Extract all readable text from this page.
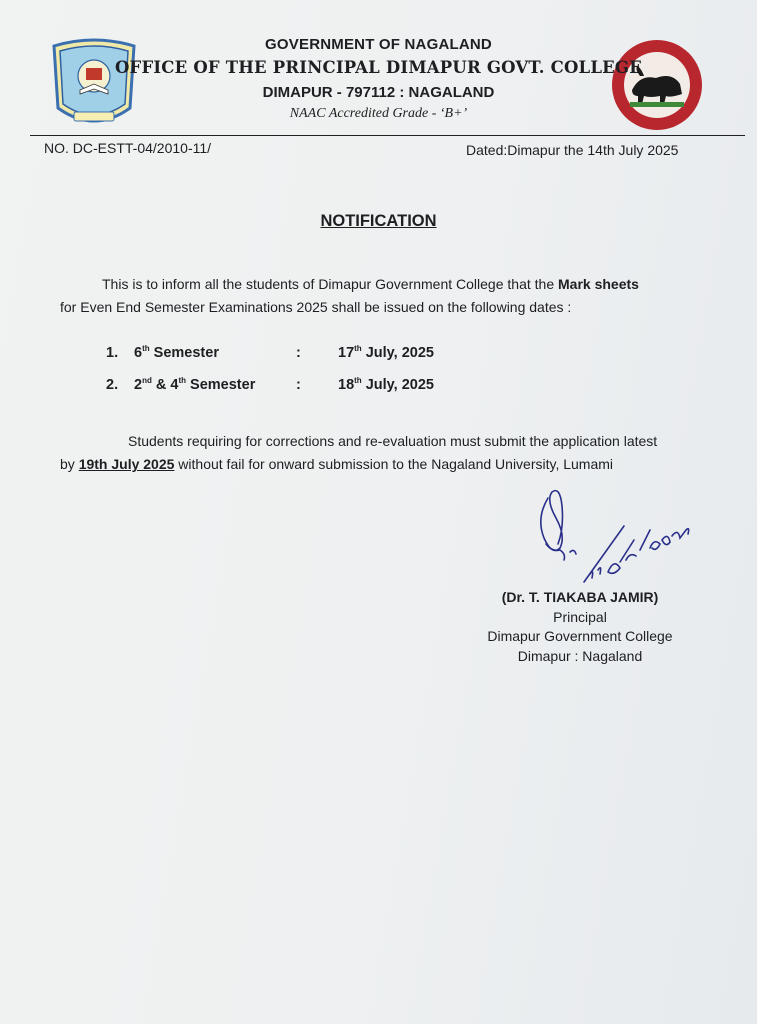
GOVERNMENT OF NAGALAND
OFFICE OF THE PRINCIPAL DIMAPUR GOVT. COLLEGE
DIMAPUR - 797112 : NAGALAND
NAAC Accredited Grade - ‘B+’
NO. DC-ESTT-04/2010-11/	Dated:Dimapur the 14th July 2025
NOTIFICATION
This is to inform all the students of Dimapur Government College that the Mark sheets
for Even End Semester Examinations 2025 shall be issued on the following dates :
1. 6th Semester	:	17th July, 2025
2. 2nd & 4th Semester	:	18th July, 2025
Students requiring for corrections and re-evaluation must submit the application latest
by 19th July 2025 without fail for onward submission to the Nagaland University, Lumami
(Dr. T. TIAKABA JAMIR)
Principal
Dimapur Government College
Dimapur : Nagaland
